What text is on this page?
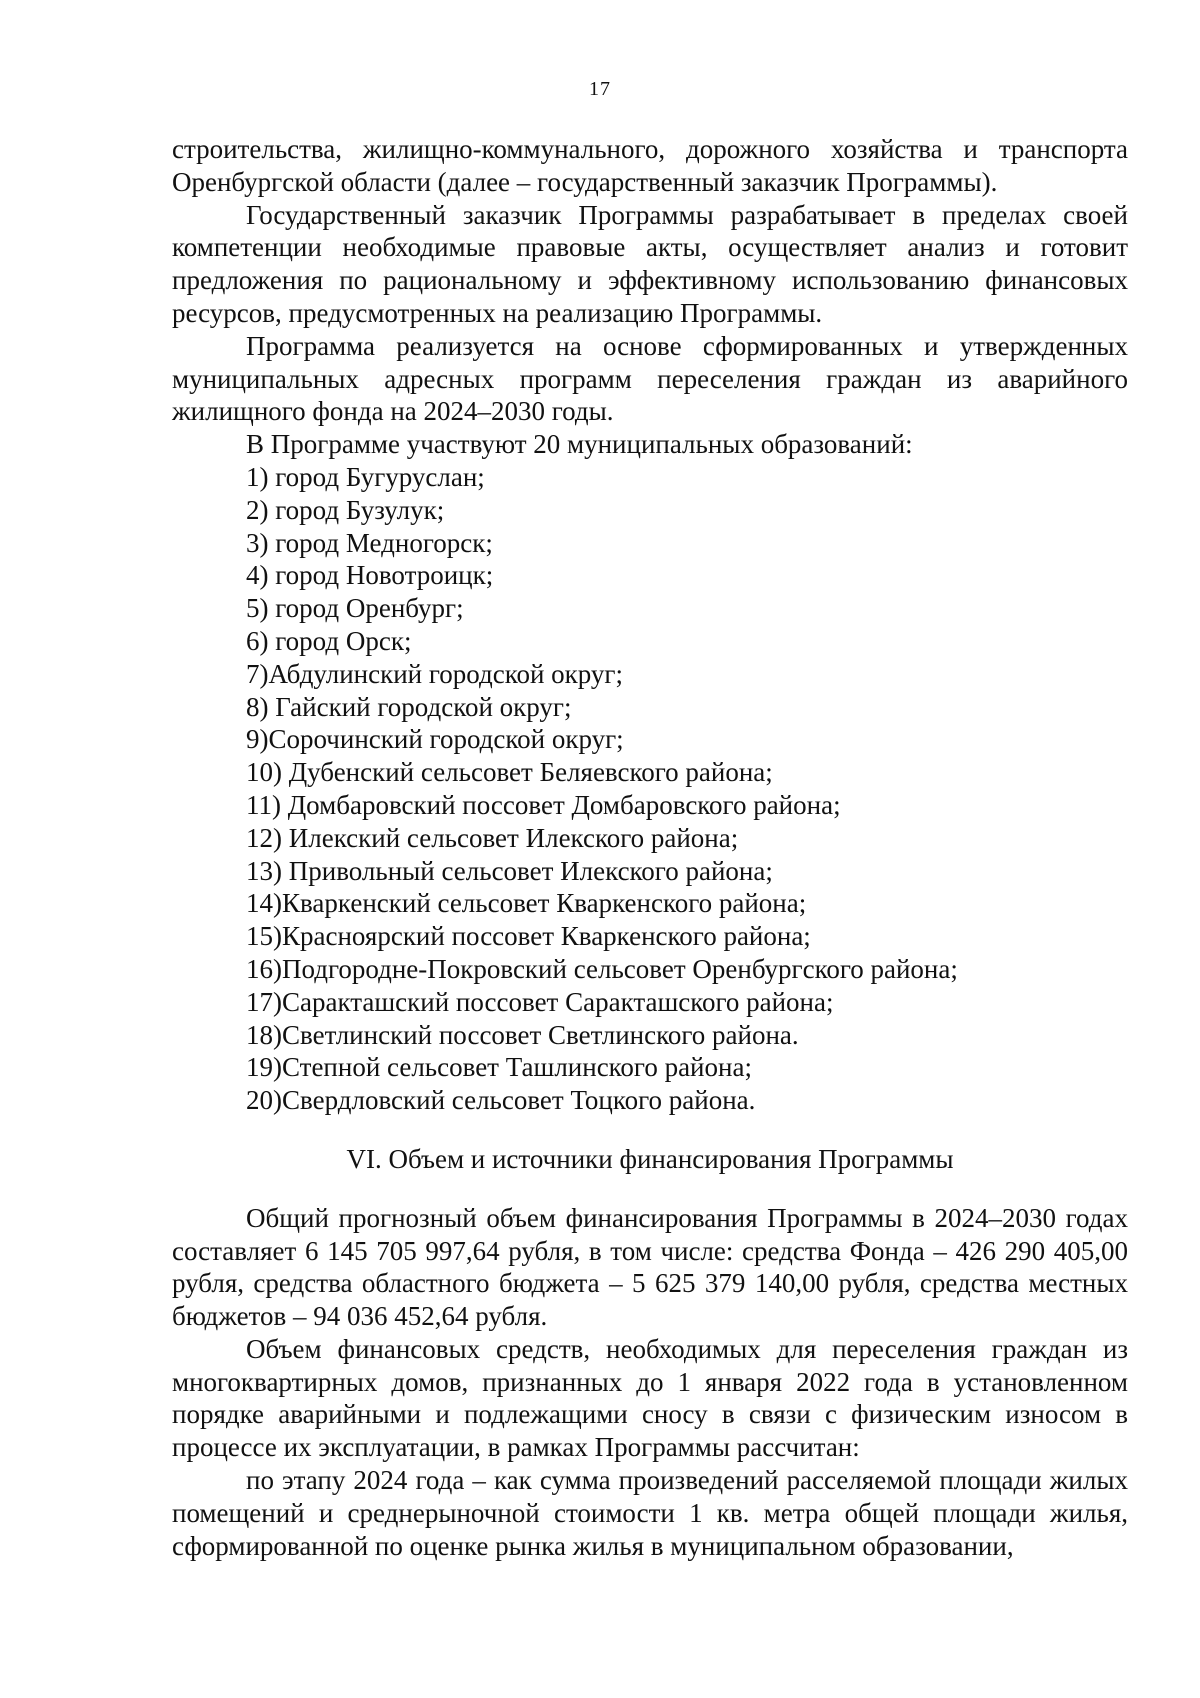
17

строительства, жилищно-коммунального, дорожного хозяйства и транспорта Оренбургской области (далее – государственный заказчик Программы).

Государственный заказчик Программы разрабатывает в пределах своей компетенции необходимые правовые акты, осуществляет анализ и готовит предложения по рациональному и эффективному использованию финансовых ресурсов, предусмотренных на реализацию Программы.

Программа реализуется на основе сформированных и утвержденных муниципальных адресных программ переселения граждан из аварийного жилищного фонда на 2024–2030 годы.

В Программе участвуют 20 муниципальных образований:

1) город Бугуруслан;
2) город Бузулук;
3) город Медногорск;
4) город Новотроицк;
5) город Оренбург;
6) город Орск;
7)Абдулинский городской округ;
8) Гайский городской округ;
9)Сорочинский городской округ;
10) Дубенский сельсовет Беляевского района;
11) Домбаровский поссовет Домбаровского района;
12) Илекский сельсовет Илекского района;
13) Привольный сельсовет Илекского района;
14)Кваркенский сельсовет Кваркенского района;
15)Красноярский поссовет Кваркенского района;
16)Подгородне-Покровский сельсовет Оренбургского района;
17)Саракташский поссовет Саракташского района;
18)Светлинский поссовет Светлинского района.
19)Степной сельсовет Ташлинского района;
20)Свердловский сельсовет Тоцкого района.

VI. Объем и источники финансирования Программы

Общий прогнозный объем финансирования Программы в 2024–2030 годах составляет 6 145 705 997,64 рубля, в том числе: средства Фонда – 426 290 405,00 рубля, средства областного бюджета – 5 625 379 140,00 рубля, средства местных бюджетов – 94 036 452,64 рубля.

Объем финансовых средств, необходимых для переселения граждан из многоквартирных домов, признанных до 1 января 2022 года в установленном порядке аварийными и подлежащими сносу в связи с физическим износом в процессе их эксплуатации, в рамках Программы рассчитан:

по этапу 2024 года – как сумма произведений расселяемой площади жилых помещений и среднерыночной стоимости 1 кв. метра общей площади жилья, сформированной по оценке рынка жилья в муниципальном образовании,
